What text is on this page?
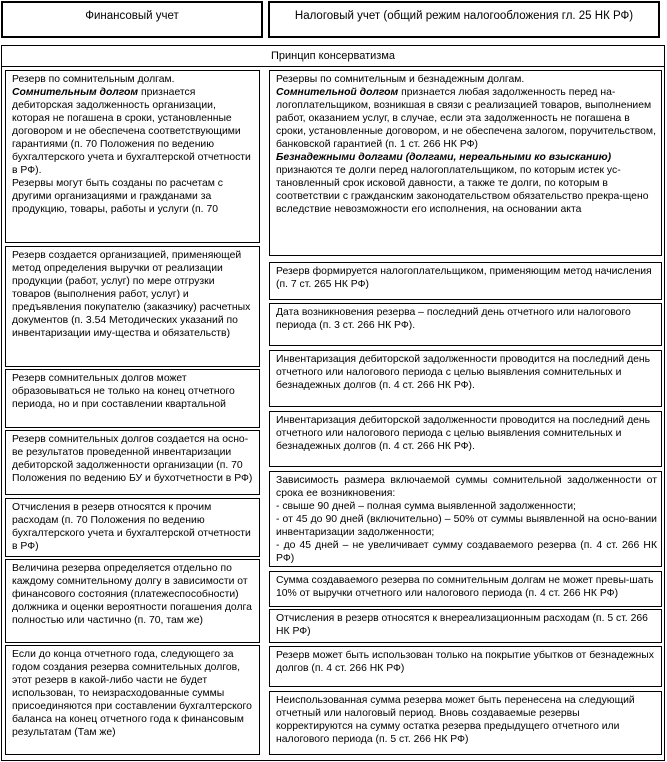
Финансовый учет	Налоговый учет (общий режим налогообложения гл. 25 НК РФ)
Принцип консерватизма

Резерв по сомнительным долгам.

Сомнительным долгом признается дебиторская задолженность организации, которая не погашена в сроки, установленные договором и не обеспечена соответствующими гарантиями (п. 70 Положения по ведению бухгалтерского учета и бухгалтерской отчетности в РФ).

Резервы могут быть созданы по расчетам с другими организациями и гражданами за продукцию, товары, работы и услуги (п. 70

Резерв создается организацией, применяющей метод определения выручки от реализации продукции (работ, услуг) по мере отгрузки товаров (выполнения работ, услуг) и предъявления покупателю (заказчику) расчетных документов (п. 3.54 Методических указаний по инвентаризации иму-щества и обязательств)

Резерв сомнительных долгов может образовываться не только на конец отчетного периода, но и при составлении квартальной

Резерв сомнительных долгов создается на осно-ве результатов проведенной инвентаризации дебиторской задолженности организации (п. 70 Положения по ведению БУ и бухотчетности в РФ)

Отчисления в резерв относятся к прочим расходам (п. 70 Положения по ведению бухгалтерского учета и бухгалтерской отчетности в РФ)

Величина резерва определяется отдельно по каждому сомнительному долгу в зависимости от финансового состояния (платежеспособности) должника и оценки вероятности погашения долга полностью или частично (п. 70, там же)

Если до конца отчетного года, следующего за годом создания резерва сомнительных долгов, этот резерв в какой-либо части не будет использован, то неизрасходованные суммы присоединяются при составлении бухгалтерского баланса на конец отчетного года к финансовым результатам (Там же)

Резервы по сомнительным и безнадежным долгам.

Сомнительной долгом признается любая задолженность перед на-логоплательщиком, возникшая в связи с реализацией товаров, выполнением работ, оказанием услуг, в случае, если эта задолженность не погашена в сроки, установленные договором, и не обеспечена залогом, поручительством, банковской гарантией (п. 1 ст. 266 НК РФ)

Безнадежными долгами (долгами, нереальными ко взысканию) признаются те долги перед налогоплательщиком, по которым истек ус-тановленный срок исковой давности, а также те долги, по которым в соответствии с гражданским законодательством обязательство прекра-щено вследствие невозможности его исполнения, на основании акта

Резерв формируется налогоплательщиком, применяющим метод начисления (п. 7 ст. 265 НК РФ)

Дата возникновения резерва – последний день отчетного или налогового периода (п. 3 ст. 266 НК РФ).

Инвентаризация дебиторской задолженности проводится на последний день отчетного или налогового периода с целью выявления сомнительных и безнадежных долгов (п. 4 ст. 266 НК РФ).

Инвентаризация дебиторской задолженности проводится на последний день отчетного или налогового периода с целью выявления сомнительных и безнадежных долгов (п. 4 ст. 266 НК РФ).

Зависимость размера включаемой суммы сомнительной задолженности от срока ее возникновения:

- свыше 90 дней – полная сумма выявленной задолженности;

- от 45 до 90 дней (включительно) – 50% от суммы выявленной на осно-вании инвентаризации задолженности;

- до 45 дней – не увеличивает сумму создаваемого резерва (п. 4 ст. 266 НК РФ)

Сумма создаваемого резерва по сомнительным долгам не может превы-шать 10% от выручки отчетного или налогового периода (п. 4 ст. 266 НК РФ)

Отчисления в резерв относятся к внереализационным расходам (п. 5 ст. 266 НК РФ)

Резерв может быть использован только на покрытие убытков от безнадежных долгов (п. 4 ст. 266 НК РФ)

Неиспользованная сумма резерва может быть перенесена на следующий отчетный или налоговый период. Вновь создаваемые резервы корректируются на сумму остатка резерва предыдущего отчетного или налогового периода (п. 5 ст. 266 НК РФ)
